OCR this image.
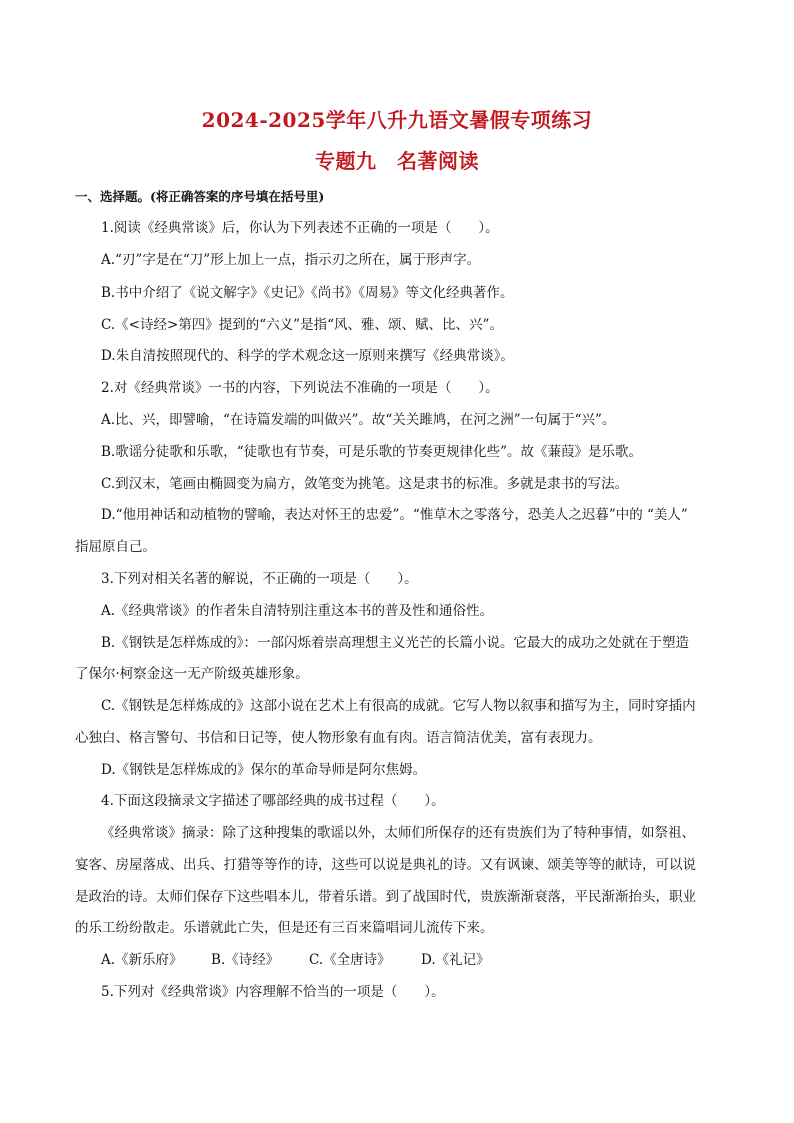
2024-2025学年八升九语文暑假专项练习
专题九　名著阅读
一、选择题。(将正确答案的序号填在括号里)
1.阅读《经典常谈》后，你认为下列表述不正确的一项是（　　）。
A.“刃”字是在“刀”形上加上一点，指示刃之所在，属于形声字。
B.书中介绍了《说文解字》《史记》《尚书》《周易》等文化经典著作。
C.《<诗经>第四》提到的“六义”是指“风、雅、颂、赋、比、兴”。
D.朱自清按照现代的、科学的学术观念这一原则来撰写《经典常谈》。
2.对《经典常谈》一书的内容，下列说法不准确的一项是（　　）。
A.比、兴，即譬喻，“在诗篇发端的叫做兴”。故“关关雎鸠，在河之洲”一句属于“兴”。
B.歌谣分徒歌和乐歌，“徒歌也有节奏，可是乐歌的节奏更规律化些”。故《蒹葭》是乐歌。
C.到汉末，笔画由椭圆变为扁方，敛笔变为挑笔。这是隶书的标准。多就是隶书的写法。
D.“他用神话和动植物的譬喻，表达对怀王的忠爱”。“惟草木之零落兮，恐美人之迟暮”中的 “美人”
指屈原自己。
3.下列对相关名著的解说，不正确的一项是（　　）。
A.《经典常谈》的作者朱自清特别注重这本书的普及性和通俗性。
B.《钢铁是怎样炼成的》：一部闪烁着崇高理想主义光芒的长篇小说。它最大的成功之处就在于塑造
了保尔·柯察金这一无产阶级英雄形象。
C.《钢铁是怎样炼成的》这部小说在艺术上有很高的成就。它写人物以叙事和描写为主，同时穿插内
心独白、格言警句、书信和日记等，使人物形象有血有肉。语言简洁优美，富有表现力。
D.《钢铁是怎样炼成的》保尔的革命导师是阿尔焦姆。
4.下面这段摘录文字描述了哪部经典的成书过程（　　）。
《经典常谈》摘录：除了这种搜集的歌谣以外，太师们所保存的还有贵族们为了特种事情，如祭祖、
宴客、房屋落成、出兵、打猎等等作的诗，这些可以说是典礼的诗。又有讽谏、颂美等等的献诗，可以说
是政治的诗。太师们保存下这些唱本儿，带着乐谱。到了战国时代，贵族渐渐衰落，平民渐渐抬头，职业
的乐工纷纷散走。乐谱就此亡失，但是还有三百来篇唱词儿流传下来。
A.《新乐府》 B.《诗经》 C.《全唐诗》 D.《礼记》
5.下列对《经典常谈》内容理解不恰当的一项是（　　）。
